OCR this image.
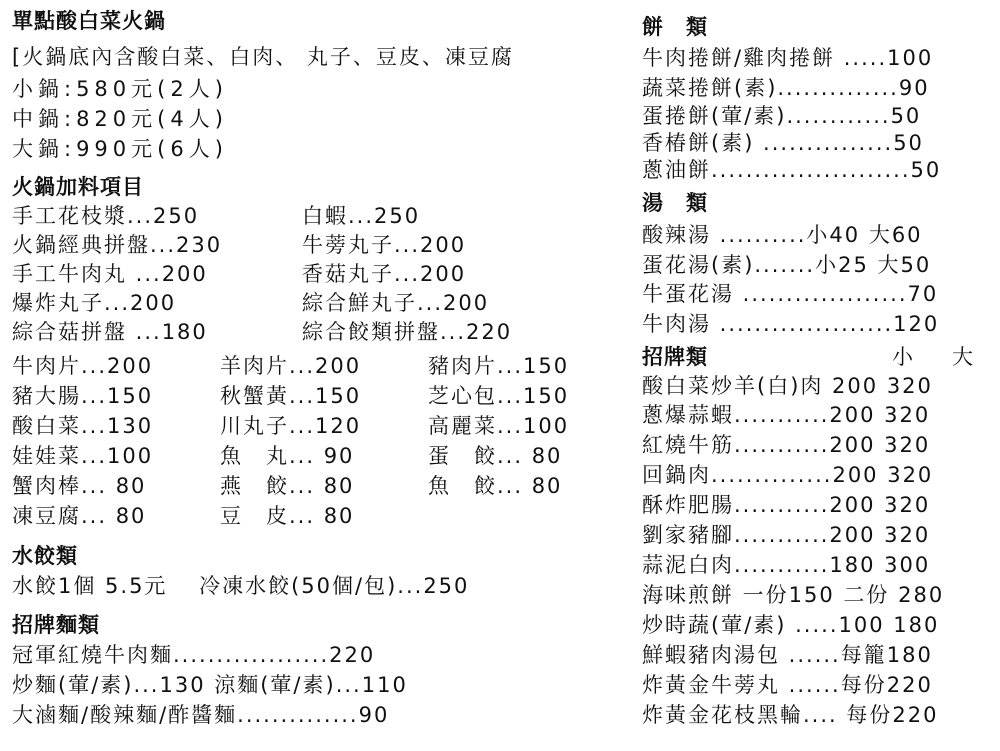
單點酸白菜火鍋
[火鍋底內含酸白菜、白肉、 丸子、豆皮、凍豆腐
小鍋:580元(2人)
中鍋:820元(4人)
大鍋:990元(6人)
火鍋加料項目
手工花枝漿...250	白蝦...250
火鍋經典拼盤...230	牛蒡丸子...200
手工牛肉丸 ...200	香菇丸子...200
爆炸丸子...200	綜合鮮丸子...200
綜合菇拼盤 ...180	綜合餃類拼盤...220
牛肉片...200	羊肉片...200	豬肉片...150
豬大腸...150	秋蟹黃...150	芝心包...150
酸白菜...130	川丸子...120	高麗菜...100
娃娃菜...100	魚　丸... 90	蛋　餃... 80
蟹肉棒... 80	燕　餃... 80	魚　餃... 80
凍豆腐... 80	豆　皮... 80
水餃類
水餃1個 5.5元　 冷凍水餃(50個/包)...250
招牌麵類
冠軍紅燒牛肉麵..................220
炒麵(葷/素)...130 涼麵(葷/素)...110
大滷麵/酸辣麵/酢醬麵..............90
餅　類
牛肉捲餅/雞肉捲餅 .....100
蔬菜捲餅(素)..............90
蛋捲餅(葷/素)............50
香椿餅(素) ...............50
蔥油餅.......................50
湯　類
酸辣湯 ..........小40 大60
蛋花湯(素).......小25 大50
牛蛋花湯 ...................70
牛肉湯 ....................120
招牌類	小 大
酸白菜炒羊(白)肉 200 320
蔥爆蒜蝦...........200 320
紅燒牛筋...........200 320
回鍋肉..............200 320
酥炸肥腸...........200 320
劉家豬腳...........200 320
蒜泥白肉...........180 300
海味煎餅 一份150 二份 280
炒時蔬(葷/素) .....100 180
鮮蝦豬肉湯包 ......每籠180
炸黃金牛蒡丸 ......每份220
炸黃金花枝黑輪.... 每份220
